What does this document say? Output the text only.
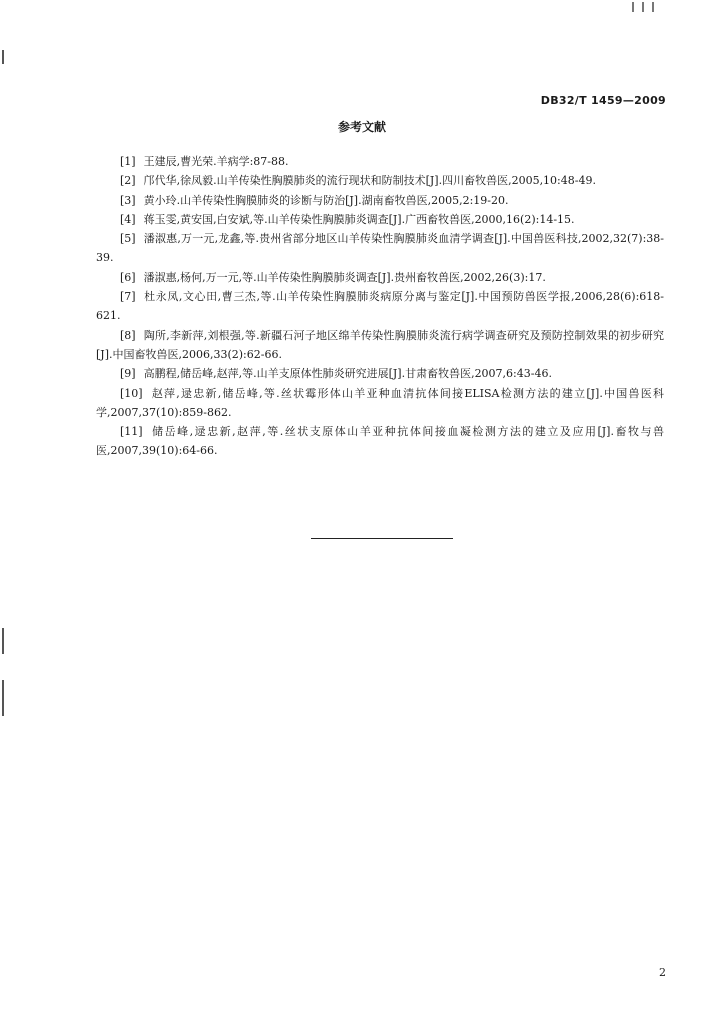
DB32/T 1459—2009
参考文献
[1] 王建辰,曹光荣.羊病学:87-88.
[2] 邝代华,徐凤毅.山羊传染性胸膜肺炎的流行现状和防制技术[J].四川畜牧兽医,2005,10:48-49.
[3] 黄小玲.山羊传染性胸膜肺炎的诊断与防治[J].湖南畜牧兽医,2005,2:19-20.
[4] 蒋玉雯,黄安国,白安斌,等.山羊传染性胸膜肺炎调查[J].广西畜牧兽医,2000,16(2):14-15.
[5] 潘淑惠,万一元,龙鑫,等.贵州省部分地区山羊传染性胸膜肺炎血清学调查[J].中国兽医科技,2002,32(7):38-39.
[6] 潘淑惠,杨何,万一元,等.山羊传染性胸膜肺炎调查[J].贵州畜牧兽医,2002,26(3):17.
[7] 杜永凤,文心田,曹三杰,等.山羊传染性胸膜肺炎病原分离与鉴定[J].中国预防兽医学报,2006,28(6):618-621.
[8] 陶所,李新萍,刘根强,等.新疆石河子地区绵羊传染性胸膜肺炎流行病学调查研究及预防控制效果的初步研究[J].中国畜牧兽医,2006,33(2):62-66.
[9] 高鹏程,储岳峰,赵萍,等.山羊支原体性肺炎研究进展[J].甘肃畜牧兽医,2007,6:43-46.
[10] 赵萍,逯忠新,储岳峰,等.丝状霉形体山羊亚种血清抗体间接ELISA检测方法的建立[J].中国兽医科学,2007,37(10):859-862.
[11] 储岳峰,逯忠新,赵萍,等.丝状支原体山羊亚种抗体间接血凝检测方法的建立及应用[J].畜牧与兽医,2007,39(10):64-66.
2
